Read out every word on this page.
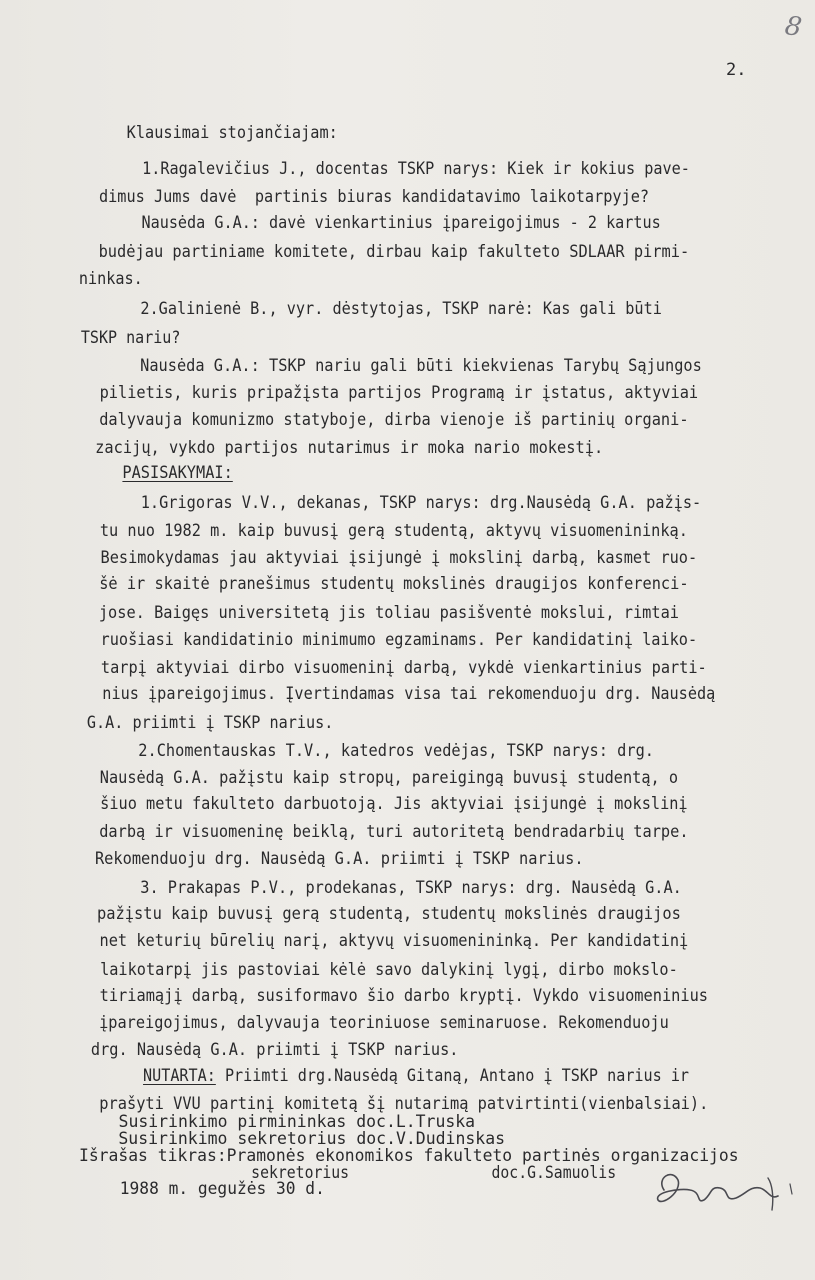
8
2.
Klausimai stojančiajam:
1.Ragalevičius J., docentas TSKP narys: Kiek ir kokius pave-
dimus Jums davė  partinis biuras kandidatavimo laikotarpyje?
Nausėda G.A.: davė vienkartinius įpareigojimus - 2 kartus
budėjau partiniame komitete, dirbau kaip fakulteto SDLAAR pirmi-
ninkas.
2.Galinienė B., vyr. dėstytojas, TSKP narė: Kas gali būti
TSKP nariu?
Nausėda G.A.: TSKP nariu gali būti kiekvienas Tarybų Sąjungos
pilietis, kuris pripažįsta partijos Programą ir įstatus, aktyviai
dalyvauja komunizmo statyboje, dirba vienoje iš partinių organi-
zacijų, vykdo partijos nutarimus ir moka nario mokestį.
PASISAKYMAI:
1.Grigoras V.V., dekanas, TSKP narys: drg.Nausėdą G.A. pažįs-
tu nuo 1982 m. kaip buvusį gerą studentą, aktyvų visuomenininką.
Besimokydamas jau aktyviai įsijungė į mokslinį darbą, kasmet ruo-
šė ir skaitė pranešimus studentų mokslinės draugijos konferenci-
jose. Baigęs universitetą jis toliau pasišventė mokslui, rimtai
ruošiasi kandidatinio minimumo egzaminams. Per kandidatinį laiko-
tarpį aktyviai dirbo visuomeninį darbą, vykdė vienkartinius parti-
nius įpareigojimus. Įvertindamas visa tai rekomenduoju drg. Nausėdą
G.A. priimti į TSKP narius.
2.Chomentauskas T.V., katedros vedėjas, TSKP narys: drg.
Nausėdą G.A. pažįstu kaip stropų, pareigingą buvusį studentą, o
šiuo metu fakulteto darbuotoją. Jis aktyviai įsijungė į mokslinį
darbą ir visuomeninę beiklą, turi autoritetą bendradarbių tarpe.
Rekomenduoju drg. Nausėdą G.A. priimti į TSKP narius.
3. Prakapas P.V., prodekanas, TSKP narys: drg. Nausėdą G.A.
pažįstu kaip buvusį gerą studentą, studentų mokslinės draugijos
net keturių būrelių narį, aktyvų visuomenininką. Per kandidatinį
laikotarpį jis pastoviai kėlė savo dalykinį lygį, dirbo mokslo-
tiriamąjį darbą, susiformavo šio darbo kryptį. Vykdo visuomeninius
įpareigojimus, dalyvauja teoriniuose seminaruose. Rekomenduoju
drg. Nausėdą G.A. priimti į TSKP narius.
NUTARTA: Priimti drg.Nausėdą Gitaną, Antano į TSKP narius ir
prašyti VVU partinį komitetą šį nutarimą patvirtinti(vienbalsiai).
Susirinkimo pirmininkas doc.L.Truska
Susirinkimo sekretorius doc.V.Dudinskas
Išrašas tikras:Pramonės ekonomikos fakulteto partinės organizacijos
sekretorius                doc.G.Samuolis
1988 m. gegužės 30 d.
